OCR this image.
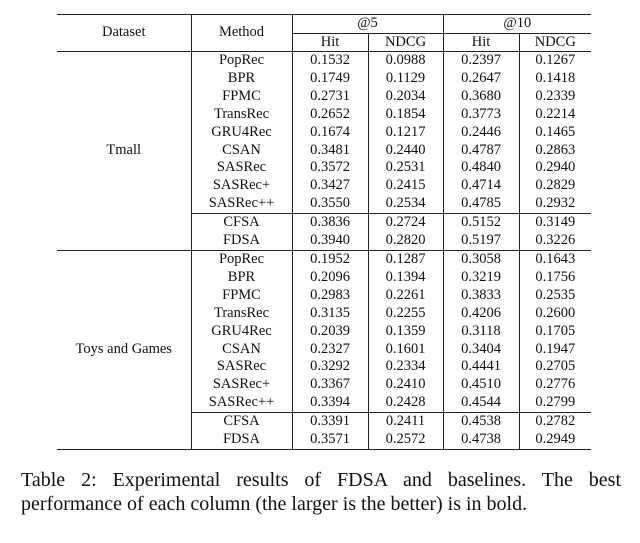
Dataset	Method	@5		@10	
		Hit	NDCG	Hit	NDCG
Tmall	PopRec	0.1532	0.0988	0.2397	0.1267
	BPR	0.1749	0.1129	0.2647	0.1418
	FPMC	0.2731	0.2034	0.3680	0.2339
	TransRec	0.2652	0.1854	0.3773	0.2214
	GRU4Rec	0.1674	0.1217	0.2446	0.1465
	CSAN	0.3481	0.2440	0.4787	0.2863
	SASRec	0.3572	0.2531	0.4840	0.2940
	SASRec+	0.3427	0.2415	0.4714	0.2829
	SASRec++	0.3550	0.2534	0.4785	0.2932
	CFSA	0.3836	0.2724	0.5152	0.3149
	FDSA	0.3940	0.2820	0.5197	0.3226
Toys and Games	PopRec	0.1952	0.1287	0.3058	0.1643
	BPR	0.2096	0.1394	0.3219	0.1756
	FPMC	0.2983	0.2261	0.3833	0.2535
	TransRec	0.3135	0.2255	0.4206	0.2600
	GRU4Rec	0.2039	0.1359	0.3118	0.1705
	CSAN	0.2327	0.1601	0.3404	0.1947
	SASRec	0.3292	0.2334	0.4441	0.2705
	SASRec+	0.3367	0.2410	0.4510	0.2776
	SASRec++	0.3394	0.2428	0.4544	0.2799
	CFSA	0.3391	0.2411	0.4538	0.2782
	FDSA	0.3571	0.2572	0.4738	0.2949
Table 2: Experimental results of FDSA and baselines. The best performance of each column (the larger is the better) is in bold.
